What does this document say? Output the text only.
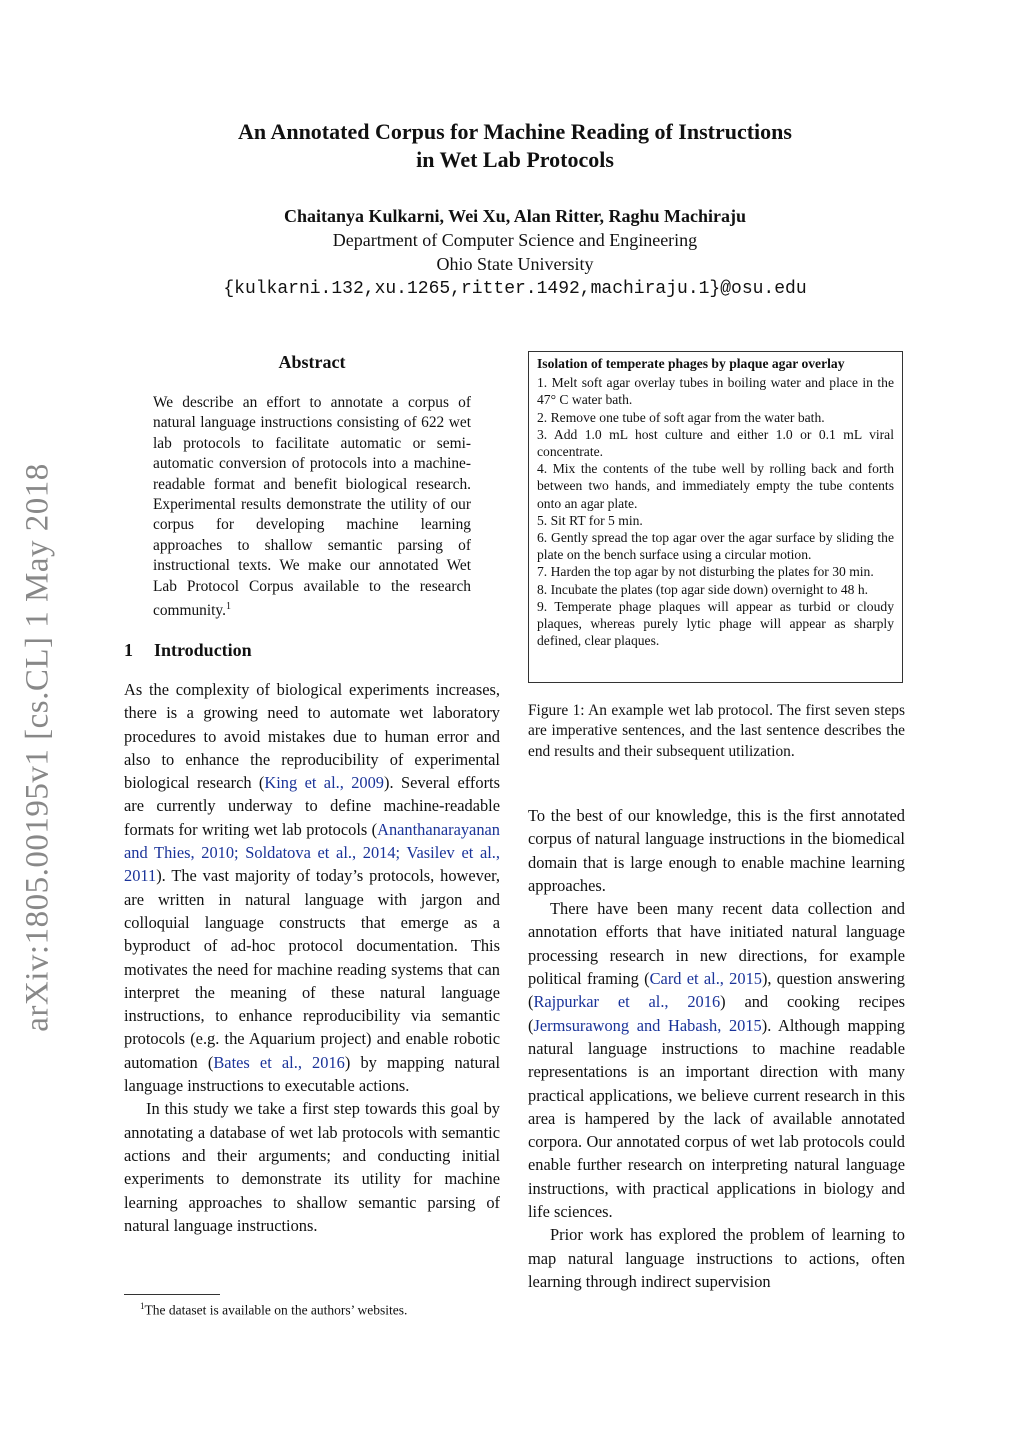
arXiv:1805.00195v1 [cs.CL] 1 May 2018
An Annotated Corpus for Machine Reading of Instructions
in Wet Lab Protocols
Chaitanya Kulkarni, Wei Xu, Alan Ritter, Raghu Machiraju
Department of Computer Science and Engineering
Ohio State University
{kulkarni.132,xu.1265,ritter.1492,machiraju.1}@osu.edu
Abstract
We describe an effort to annotate a corpus of natural language instructions consisting of 622 wet lab protocols to facilitate automatic or semi-automatic conversion of protocols into a machine-readable format and benefit biological research. Experimental results demonstrate the utility of our corpus for developing machine learning approaches to shallow semantic parsing of instructional texts. We make our annotated Wet Lab Protocol Corpus available to the research community.$^1$
1 Introduction

As the complexity of biological experiments increases, there is a growing need to automate wet laboratory procedures to avoid mistakes due to human error and also to enhance the reproducibility of experimental biological research (King et al., 2009). Several efforts are currently underway to define machine-readable formats for writing wet lab protocols (Ananthanarayanan and Thies, 2010; Soldatova et al., 2014; Vasilev et al., 2011). The vast majority of today’s protocols, however, are written in natural language with jargon and colloquial language constructs that emerge as a byproduct of ad-hoc protocol documentation. This motivates the need for machine reading systems that can interpret the meaning of these natural language instructions, to enhance reproducibility via semantic protocols (e.g. the Aquarium project) and enable robotic automation (Bates et al., 2016) by mapping natural language instructions to executable actions.

In this study we take a first step towards this goal by annotating a database of wet lab protocols with semantic actions and their arguments; and conducting initial experiments to demonstrate its utility for machine learning approaches to shallow semantic parsing of natural language instructions.

$^1$The dataset is available on the authors’ websites.
Isolation of temperate phages by plaque agar overlay

1. Melt soft agar overlay tubes in boiling water and place in the 47° C water bath.

2. Remove one tube of soft agar from the water bath.

3. Add 1.0 mL host culture and either 1.0 or 0.1 mL viral concentrate.

4. Mix the contents of the tube well by rolling back and forth between two hands, and immediately empty the tube contents onto an agar plate.

5. Sit RT for 5 min.

6. Gently spread the top agar over the agar surface by sliding the plate on the bench surface using a circular motion.

7. Harden the top agar by not disturbing the plates for 30 min.

8. Incubate the plates (top agar side down) overnight to 48 h.

9. Temperate phage plaques will appear as turbid or cloudy plaques, whereas purely lytic phage will appear as sharply defined, clear plaques.

Figure 1: An example wet lab protocol. The first seven steps are imperative sentences, and the last sentence describes the end results and their subsequent utilization.

To the best of our knowledge, this is the first annotated corpus of natural language instructions in the biomedical domain that is large enough to enable machine learning approaches.

There have been many recent data collection and annotation efforts that have initiated natural language processing research in new directions, for example political framing (Card et al., 2015), question answering (Rajpurkar et al., 2016) and cooking recipes (Jermsurawong and Habash, 2015). Although mapping natural language instructions to machine readable representations is an important direction with many practical applications, we believe current research in this area is hampered by the lack of available annotated corpora. Our annotated corpus of wet lab protocols could enable further research on interpreting natural language instructions, with practical applications in biology and life sciences.

Prior work has explored the problem of learning to map natural language instructions to actions, often learning through indirect supervision
